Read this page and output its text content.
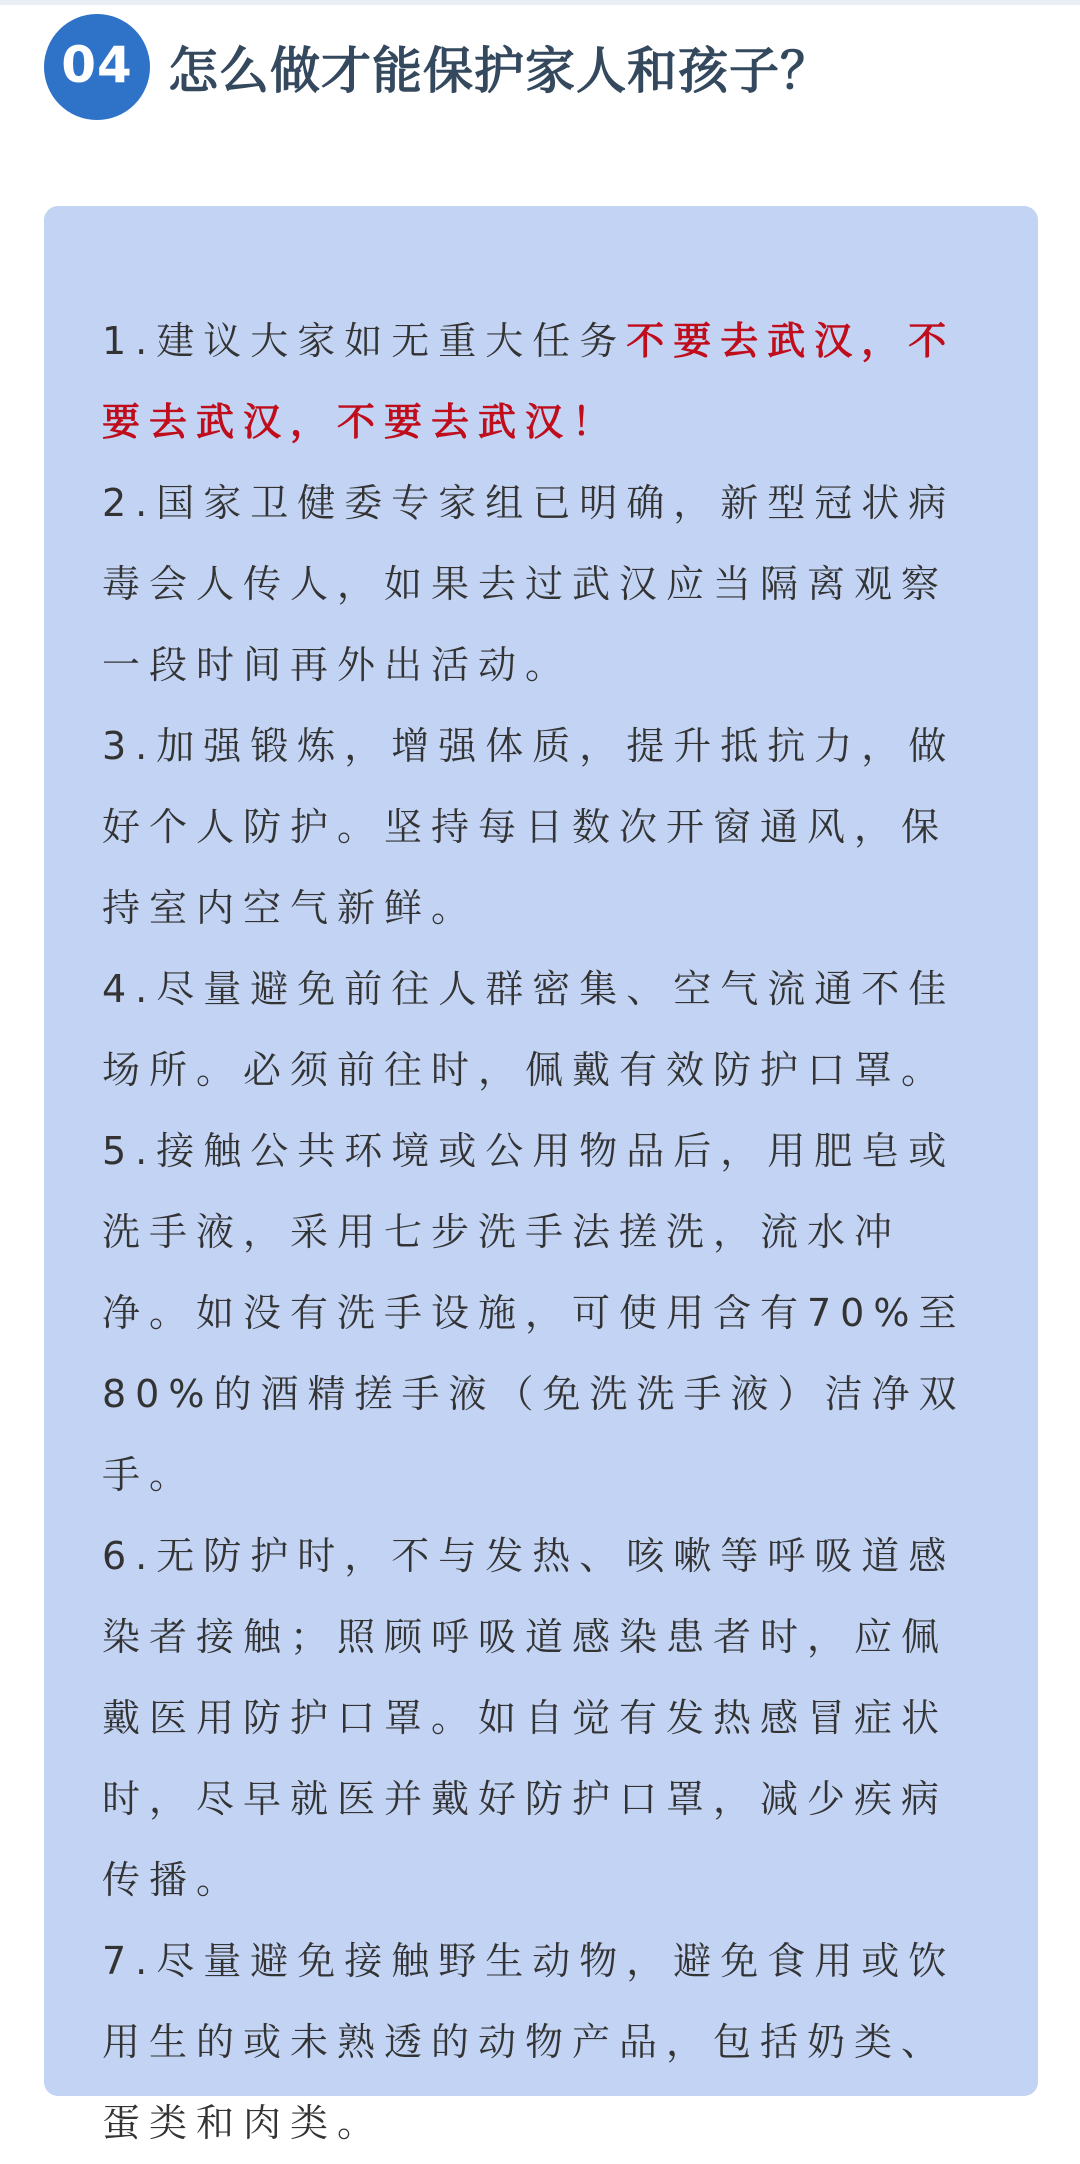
04 怎么做才能保护家人和孩子？

1.建议大家如无重大任务不要去武汉，不要去武汉，不要去武汉！

2.国家卫健委专家组已明确，新型冠状病毒会人传人，如果去过武汉应当隔离观察一段时间再外出活动。

3.加强锻炼，增强体质，提升抵抗力，做好个人防护。坚持每日数次开窗通风，保持室内空气新鲜。

4.尽量避免前往人群密集、空气流通不佳场所。必须前往时，佩戴有效防护口罩。

5.接触公共环境或公用物品后，用肥皂或洗手液，采用七步洗手法搓洗，流水冲净。如没有洗手设施，可使用含有70%至80%的酒精搓手液（免洗洗手液）洁净双手。

6.无防护时，不与发热、咳嗽等呼吸道感染者接触；照顾呼吸道感染患者时，应佩戴医用防护口罩。如自觉有发热感冒症状时，尽早就医并戴好防护口罩，减少疾病传播。

7.尽量避免接触野生动物，避免食用或饮用生的或未熟透的动物产品，包括奶类、蛋类和肉类。
